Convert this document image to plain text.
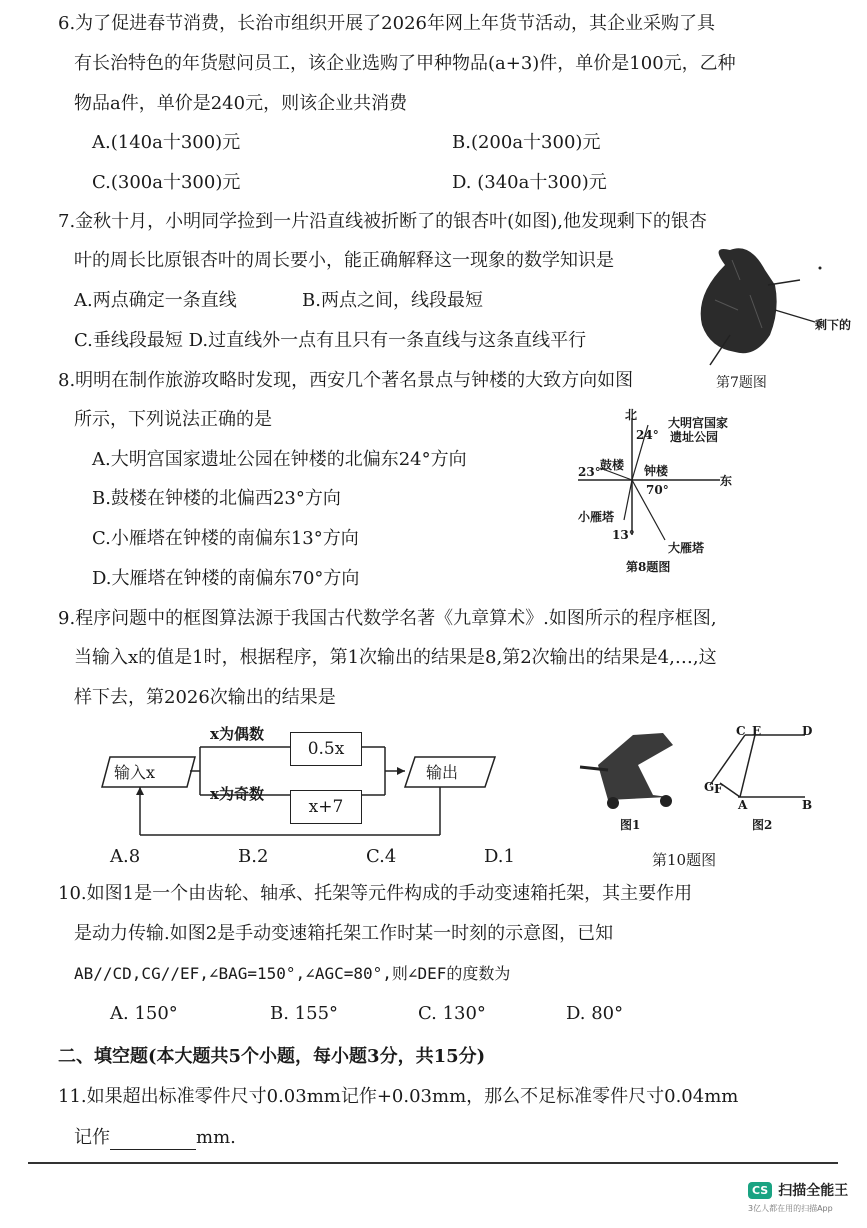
6.为了促进春节消费，长治市组织开展了2026年网上年货节活动，其企业采购了具
有长治特色的年货慰问员工，该企业选购了甲种物品(a+3)件，单价是100元，乙种
物品a件，单价是240元，则该企业共消费
A.(140a十300)元	B.(200a十300)元
C.(300a十300)元	D. (340a十300)元
7.金秋十月，小明同学捡到一片沿直线被折断了的银杏叶(如图),他发现剩下的银杏
叶的周长比原银杏叶的周长要小，能正确解释这一现象的数学知识是
A.两点确定一条直线	B.两点之间，线段最短
C.垂线段最短 D.过直线外一点有且只有一条直线与这条直线平行
剩下的
第7题图
8.明明在制作旅游攻略时发现，西安几个著名景点与钟楼的大致方向如图
所示，下列说法正确的是
A.大明宫国家遗址公园在钟楼的北偏东24°方向
B.鼓楼在钟楼的北偏西23°方向
C.小雁塔在钟楼的南偏东13°方向
D.大雁塔在钟楼的南偏东70°方向
北
大明宫国家
遗址公园
24°
23° 鼓楼 钟楼
东
70°
小雁塔
13°
大雁塔
第8题图
9.程序问题中的框图算法源于我国古代数学名著《九章算术》.如图所示的程序框图,
当输入x的值是1时，根据程序，第1次输出的结果是8,第2次输出的结果是4,…,这
样下去，第2026次输出的结果是
输入x	输出
x为偶数
x为奇数
0.5x
x+7
A.8	B.2	C.4	D.1
图1
C E	D
G F
A	B
图2
第10题图
10.如图1是一个由齿轮、轴承、托架等元件构成的手动变速箱托架，其主要作用
是动力传输.如图2是手动变速箱托架工作时某一时刻的示意图，已知
AB//CD,CG//EF,∠BAG=150°,∠AGC=80°,则∠DEF的度数为
A. 150°	B. 155°	C. 130°	D. 80°
二、填空题(本大题共5个小题，每小题3分，共15分)
11.如果超出标准零件尺寸0.03mm记作+0.03mm，那么不足标准零件尺寸0.04mm
记作	mm.
CS 扫描全能王
3亿人都在用的扫描App
